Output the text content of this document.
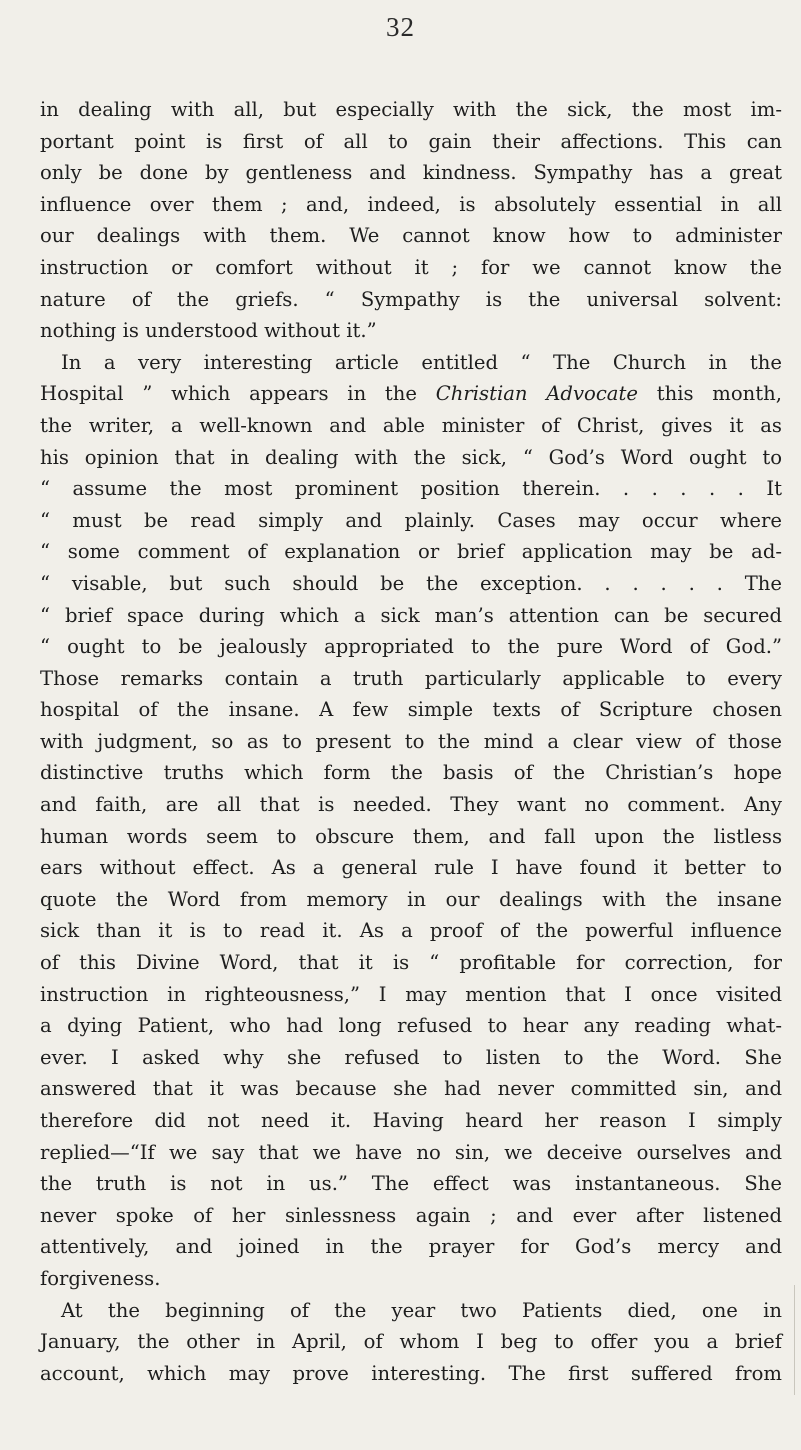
32
in dealing with all, but especially with the sick, the most im-
portant point is first of all to gain their affections. This can
only be done by gentleness and kindness. Sympathy has a great
influence over them ; and, indeed, is absolutely essential in all
our dealings with them. We cannot know how to administer
instruction or comfort without it ; for we cannot know the
nature of the griefs. “ Sympathy is the universal solvent:
nothing is understood without it.”
In a very interesting article entitled “ The Church in the
Hospital ” which appears in the Christian Advocate this month,
the writer, a well-known and able minister of Christ, gives it as
his opinion that in dealing with the sick, “ God’s Word ought to
“ assume the most prominent position therein. . . . . . It
“ must be read simply and plainly. Cases may occur where
“ some comment of explanation or brief application may be ad-
“ visable, but such should be the exception. . . . . . The
“ brief space during which a sick man’s attention can be secured
“ ought to be jealously appropriated to the pure Word of God.”
Those remarks contain a truth particularly applicable to every
hospital of the insane. A few simple texts of Scripture chosen
with judgment, so as to present to the mind a clear view of those
distinctive truths which form the basis of the Christian’s hope
and faith, are all that is needed. They want no comment. Any
human words seem to obscure them, and fall upon the listless
ears without effect. As a general rule I have found it better to
quote the Word from memory in our dealings with the insane
sick than it is to read it. As a proof of the powerful influence
of this Divine Word, that it is “ profitable for correction, for
instruction in righteousness,” I may mention that I once visited
a dying Patient, who had long refused to hear any reading what-
ever. I asked why she refused to listen to the Word. She
answered that it was because she had never committed sin, and
therefore did not need it. Having heard her reason I simply
replied—“If we say that we have no sin, we deceive ourselves and
the truth is not in us.” The effect was instantaneous. She
never spoke of her sinlessness again ; and ever after listened
attentively, and joined in the prayer for God’s mercy and
forgiveness.
At the beginning of the year two Patients died, one in
January, the other in April, of whom I beg to offer you a brief
account, which may prove interesting. The first suffered from
